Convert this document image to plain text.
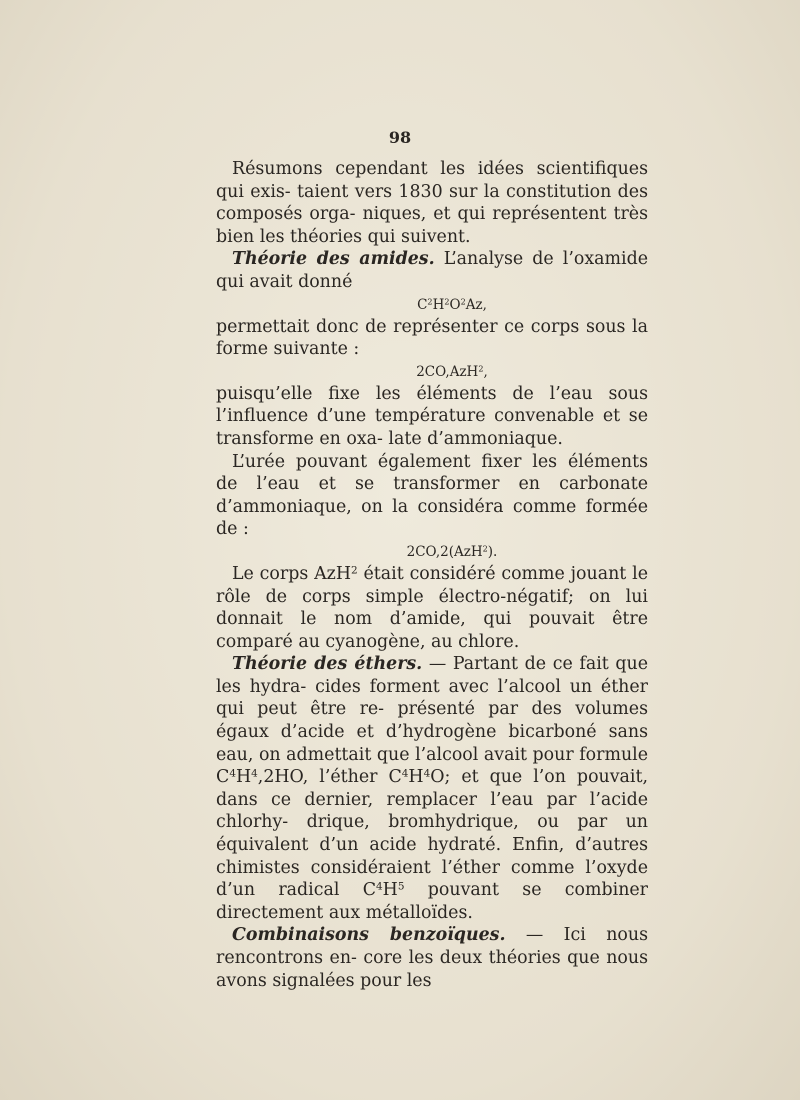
98

Résumons cependant les idées scientifiques qui exis- taient vers 1830 sur la constitution des composés orga- niques, et qui représentent très bien les théories qui suivent.

Théorie des amides. L’analyse de l’oxamide qui avait donné

$C^2H^2O^2Az$,

permettait donc de représenter ce corps sous la forme suivante :

2CO,AzH$^2$,

puisqu’elle fixe les éléments de l’eau sous l’influence d’une température convenable et se transforme en oxa- late d’ammoniaque.

L’urée pouvant également fixer les éléments de l’eau et se transformer en carbonate d’ammoniaque, on la considéra comme formée de :

2CO,2(AzH$^2$).

Le corps AzH$^2$ était considéré comme jouant le rôle de corps simple électro-négatif; on lui donnait le nom d’amide, qui pouvait être comparé au cyanogène, au chlore.

Théorie des éthers. — Partant de ce fait que les hydra- cides forment avec l’alcool un éther qui peut être re- présenté par des volumes égaux d’acide et d’hydrogène bicarboné sans eau, on admettait que l’alcool avait pour formule $C^4H^4,2HO$, l’éther $C^4H^4O$; et que l’on pouvait, dans ce dernier, remplacer l’eau par l’acide chlorhy- drique, bromhydrique, ou par un équivalent d’un acide hydraté. Enfin, d’autres chimistes considéraient l’éther comme l’oxyde d’un radical $C^4H^5$ pouvant se combiner directement aux métalloïdes.

Combinaisons benzoïques. — Ici nous rencontrons en- core les deux théories que nous avons signalées pour les
